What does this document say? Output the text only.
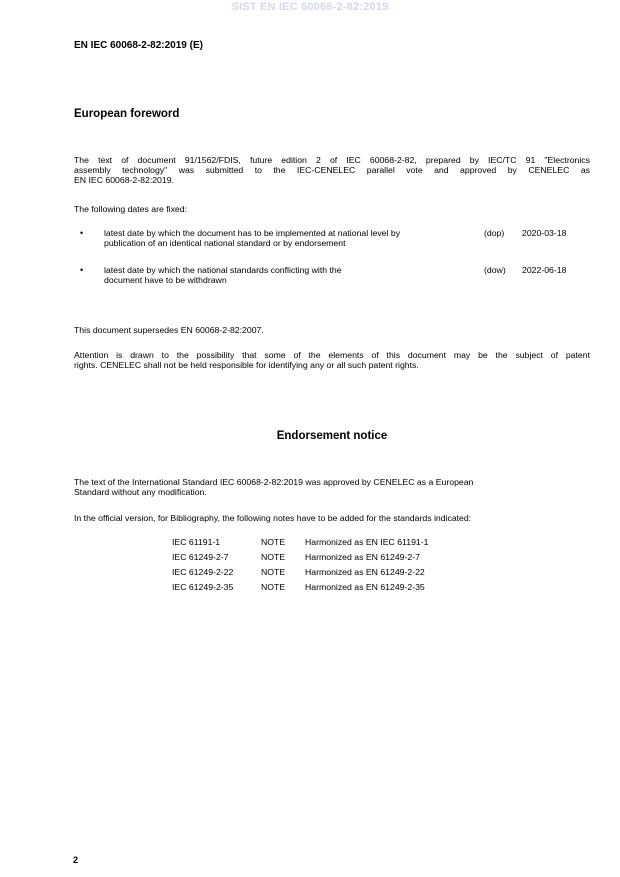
SIST EN IEC 60068-2-82:2019
EN IEC 60068-2-82:2019 (E)
European foreword
The text of document 91/1562/FDIS, future edition 2 of IEC 60068-2-82, prepared by IEC/TC 91 "Electronics
assembly technology" was submitted to the IEC-CENELEC parallel vote and approved by CENELEC as
EN IEC 60068-2-82:2019.
The following dates are fixed:
• latest date by which the document has to be implemented at national level by
publication of an identical national standard or by endorsement
(dop) 2020-03-18
• latest date by which the national standards conflicting with the
document have to be withdrawn
(dow) 2022-06-18
This document supersedes EN 60068-2-82:2007.
Attention is drawn to the possibility that some of the elements of this document may be the subject of patent
rights. CENELEC shall not be held responsible for identifying any or all such patent rights.
Endorsement notice
The text of the International Standard IEC 60068-2-82:2019 was approved by CENELEC as a European
Standard without any modification.
In the official version, for Bibliography, the following notes have to be added for the standards indicated:
IEC 61191-1	NOTE	Harmonized as EN IEC 61191-1
IEC 61249-2-7	NOTE	Harmonized as EN 61249-2-7
IEC 61249-2-22	NOTE	Harmonized as EN 61249-2-22
IEC 61249-2-35	NOTE	Harmonized as EN 61249-2-35
2
